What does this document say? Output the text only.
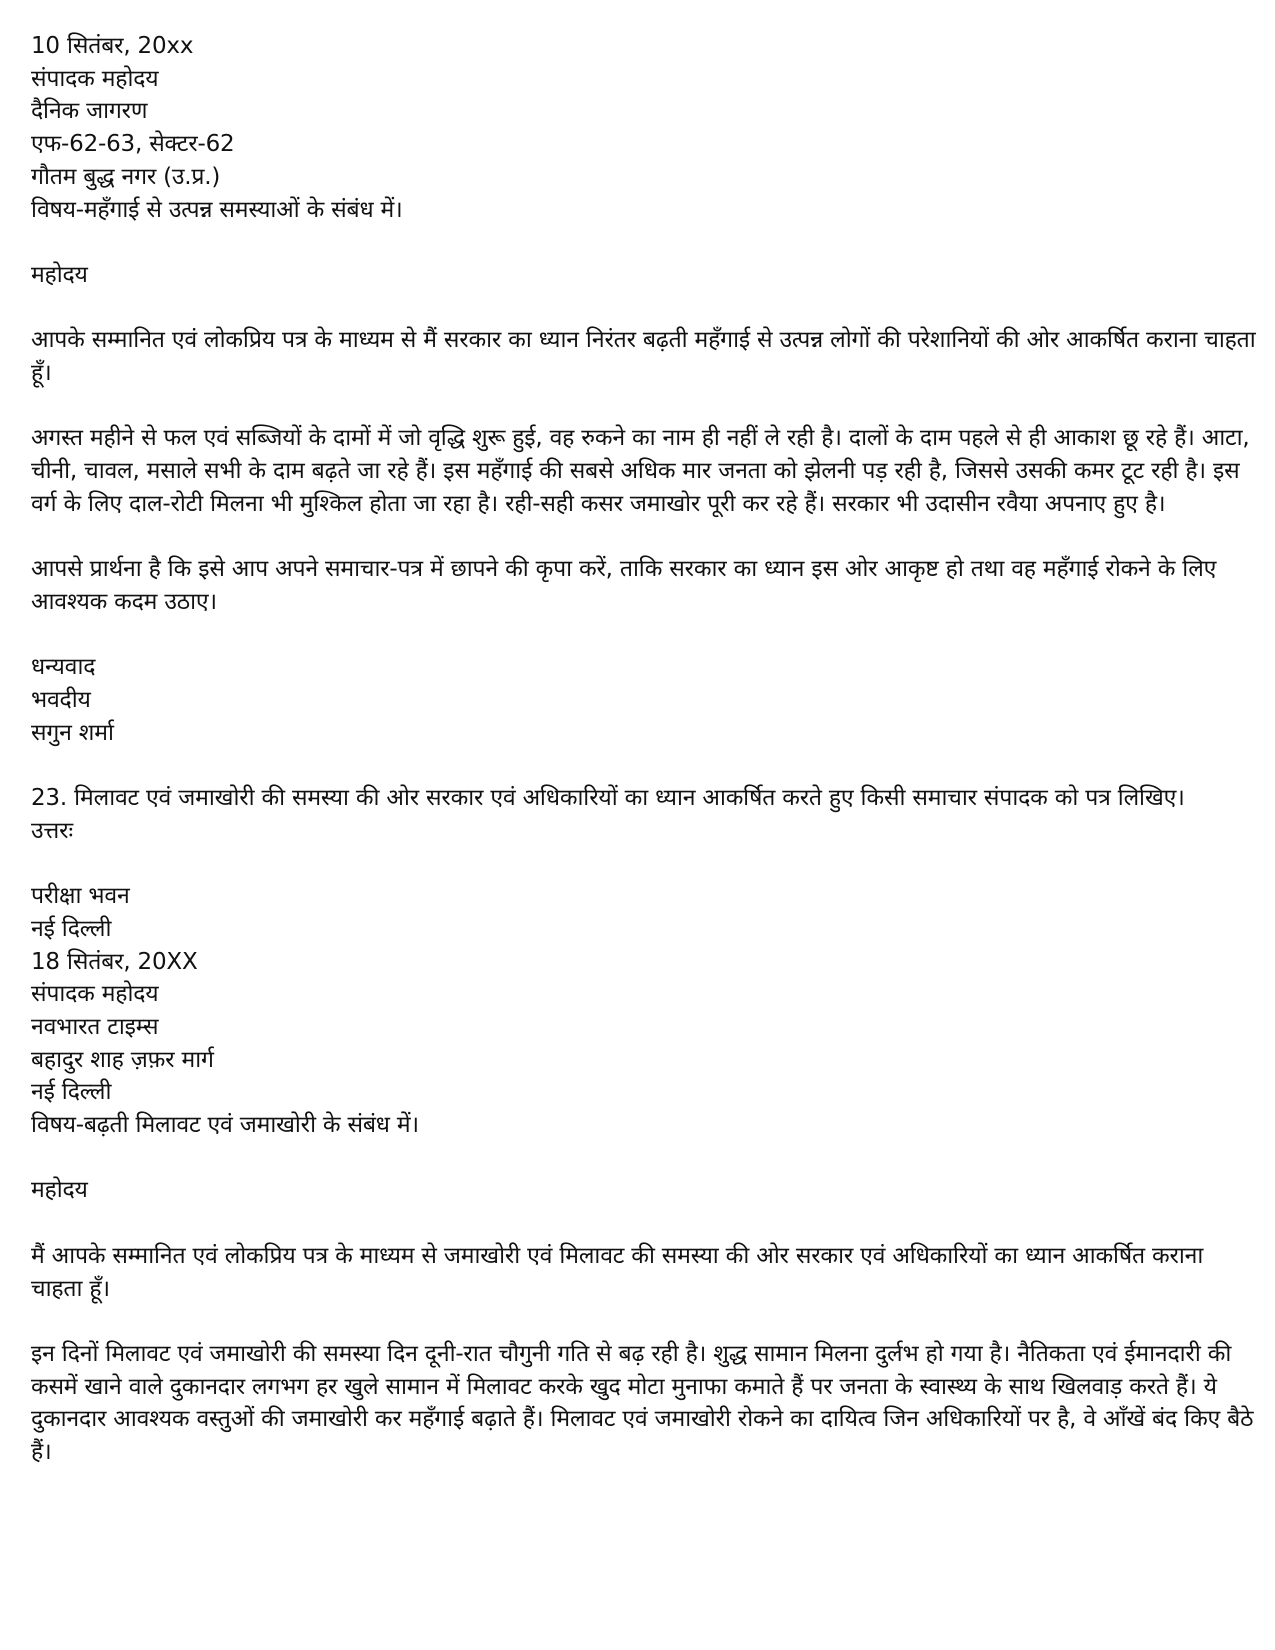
10 सितंबर, 20xx
संपादक महोदय
दैनिक जागरण
एफ-62-63, सेक्टर-62
गौतम बुद्ध नगर (उ.प्र.)
विषय-महँगाई से उत्पन्न समस्याओं के संबंध में।
महोदय
आपके सम्मानित एवं लोकप्रिय पत्र के माध्यम से मैं सरकार का ध्यान निरंतर बढ़ती महँगाई से उत्पन्न लोगों की परेशानियों की ओर आकर्षित कराना चाहता हूँ।
अगस्त महीने से फल एवं सब्जियों के दामों में जो वृद्धि शुरू हुई, वह रुकने का नाम ही नहीं ले रही है। दालों के दाम पहले से ही आकाश छू रहे हैं। आटा, चीनी, चावल, मसाले सभी के दाम बढ़ते जा रहे हैं। इस महँगाई की सबसे अधिक मार जनता को झेलनी पड़ रही है, जिससे उसकी कमर टूट रही है। इस वर्ग के लिए दाल-रोटी मिलना भी मुश्किल होता जा रहा है। रही-सही कसर जमाखोर पूरी कर रहे हैं। सरकार भी उदासीन रवैया अपनाए हुए है।
आपसे प्रार्थना है कि इसे आप अपने समाचार-पत्र में छापने की कृपा करें, ताकि सरकार का ध्यान इस ओर आकृष्ट हो तथा वह महँगाई रोकने के लिए आवश्यक कदम उठाए।
धन्यवाद
भवदीय
सगुन शर्मा
23. मिलावट एवं जमाखोरी की समस्या की ओर सरकार एवं अधिकारियों का ध्यान आकर्षित करते हुए किसी समाचार संपादक को पत्र लिखिए।
उत्तरः
परीक्षा भवन
नई दिल्ली
18 सितंबर, 20XX
संपादक महोदय
नवभारत टाइम्स
बहादुर शाह ज़फ़र मार्ग
नई दिल्ली
विषय-बढ़ती मिलावट एवं जमाखोरी के संबंध में।
महोदय
मैं आपके सम्मानित एवं लोकप्रिय पत्र के माध्यम से जमाखोरी एवं मिलावट की समस्या की ओर सरकार एवं अधिकारियों का ध्यान आकर्षित कराना चाहता हूँ।
इन दिनों मिलावट एवं जमाखोरी की समस्या दिन दूनी-रात चौगुनी गति से बढ़ रही है। शुद्ध सामान मिलना दुर्लभ हो गया है। नैतिकता एवं ईमानदारी की कसमें खाने वाले दुकानदार लगभग हर खुले सामान में मिलावट करके खुद मोटा मुनाफा कमाते हैं पर जनता के स्वास्थ्य के साथ खिलवाड़ करते हैं। ये दुकानदार आवश्यक वस्तुओं की जमाखोरी कर महँगाई बढ़ाते हैं। मिलावट एवं जमाखोरी रोकने का दायित्व जिन अधिकारियों पर है, वे आँखें बंद किए बैठे हैं।
